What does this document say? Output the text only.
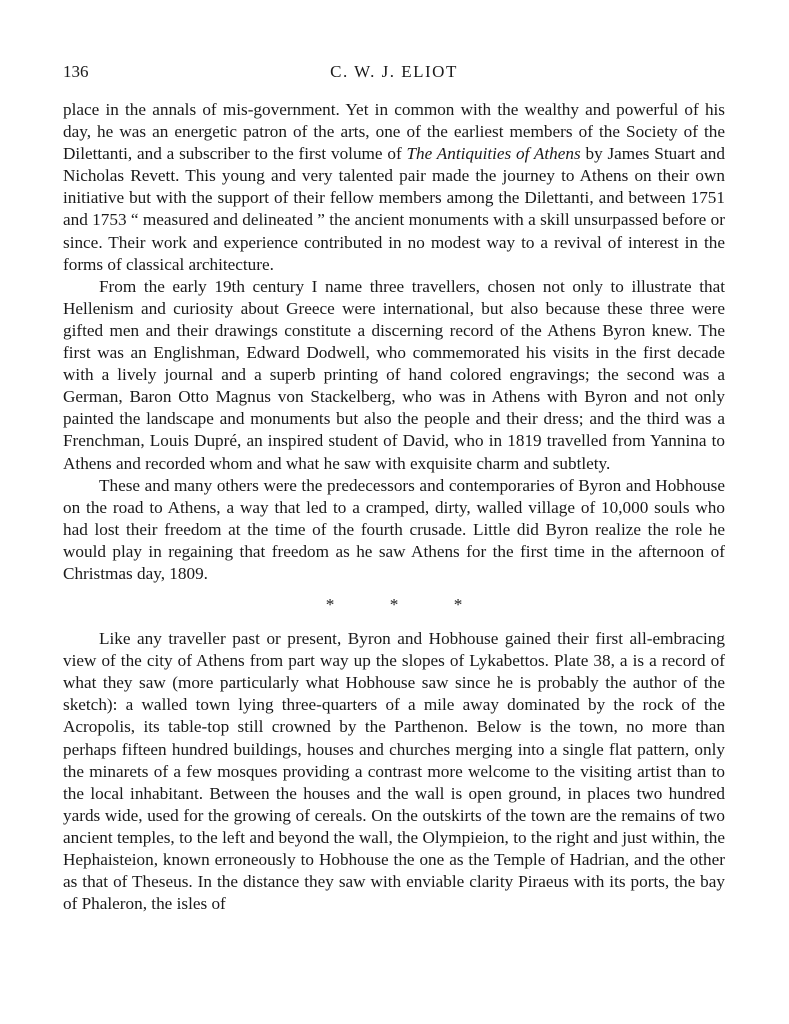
136	C. W. J. ELIOT

place in the annals of mis-government. Yet in common with the wealthy and powerful of his day, he was an energetic patron of the arts, one of the earliest members of the Society of the Dilettanti, and a subscriber to the first volume of The Antiquities of Athens by James Stuart and Nicholas Revett. This young and very talented pair made the journey to Athens on their own initiative but with the support of their fellow members among the Dilettanti, and between 1751 and 1753 “ measured and delineated ” the ancient monuments with a skill unsurpassed before or since. Their work and experience contributed in no modest way to a revival of interest in the forms of classical architecture.

From the early 19th century I name three travellers, chosen not only to illustrate that Hellenism and curiosity about Greece were international, but also because these three were gifted men and their drawings constitute a discerning record of the Athens Byron knew. The first was an Englishman, Edward Dodwell, who commemorated his visits in the first decade with a lively journal and a superb printing of hand colored engravings; the second was a German, Baron Otto Magnus von Stackelberg, who was in Athens with Byron and not only painted the landscape and monuments but also the people and their dress; and the third was a Frenchman, Louis Dupré, an inspired student of David, who in 1819 travelled from Yannina to Athens and recorded whom and what he saw with exquisite charm and subtlety.

These and many others were the predecessors and contemporaries of Byron and Hobhouse on the road to Athens, a way that led to a cramped, dirty, walled village of 10,000 souls who had lost their freedom at the time of the fourth crusade. Little did Byron realize the role he would play in regaining that freedom as he saw Athens for the first time in the afternoon of Christmas day, 1809.

*	*	*

Like any traveller past or present, Byron and Hobhouse gained their first all-embracing view of the city of Athens from part way up the slopes of Lykabettos. Plate 38, a is a record of what they saw (more particularly what Hobhouse saw since he is probably the author of the sketch): a walled town lying three-quarters of a mile away dominated by the rock of the Acropolis, its table-top still crowned by the Parthenon. Below is the town, no more than perhaps fifteen hundred buildings, houses and churches merging into a single flat pattern, only the minarets of a few mosques providing a contrast more welcome to the visiting artist than to the local inhabitant. Between the houses and the wall is open ground, in places two hundred yards wide, used for the growing of cereals. On the outskirts of the town are the remains of two ancient temples, to the left and beyond the wall, the Olympieion, to the right and just within, the Hephaisteion, known erroneously to Hobhouse the one as the Temple of Hadrian, and the other as that of Theseus. In the distance they saw with enviable clarity Piraeus with its ports, the bay of Phaleron, the isles of
